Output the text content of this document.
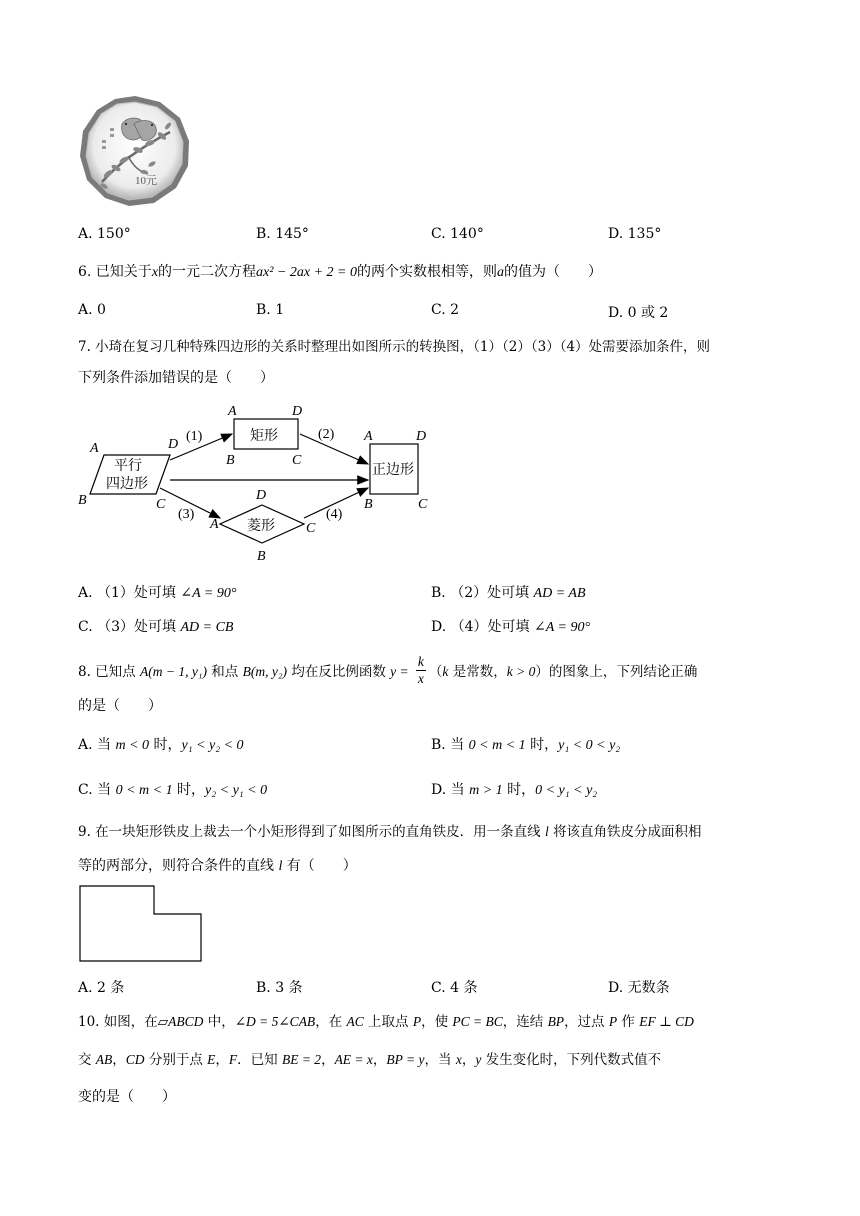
10元
A. 150°	B. 145°	C. 140°	D. 135°
6. 已知关于x的一元二次方程ax² − 2ax + 2 = 0的两个实数根相等，则a的值为（　　）
A. 0	B. 1	C. 2	D. 0 或 2
7. 小琦在复习几种特殊四边形的关系时整理出如图所示的转换图，（1）（2）（3）（4）处需要添加条件，则
下列条件添加错误的是（　　）
平行
四边形
矩形
正边形
菱形
(1)	(2)
(3)	(4)
A	D
B	C
A	D
B	C
A	D
B	C
D
A	C
B
A. （1）处可填 ∠A = 90°	B. （2）处可填 AD = AB
C. （3）处可填 AD = CB	D. （4）处可填 ∠A = 90°
8. 已知点 A(m − 1, y₁) 和点 B(m, y₂) 均在反比例函数 $y = \frac{k}{x} (k$ 是常数，k > 0）的图象上，下列结论正确
的是（　　）
A. 当 m < 0 时，y₁ < y₂ < 0	B. 当 0 < m < 1 时，y₁ < 0 < y₂
C. 当 0 < m < 1 时，y₂ < y₁ < 0	D. 当 m > 1 时，0 < y₁ < y₂
9. 在一块矩形铁皮上裁去一个小矩形得到了如图所示的直角铁皮．用一条直线 l 将该直角铁皮分成面积相
等的两部分，则符合条件的直线 l 有（　　）
A. 2 条	B. 3 条	C. 4 条	D. 无数条
10. 如图，在▱ABCD 中，∠D = 5∠CAB，在 AC 上取点 P，使 PC = BC，连结 BP，过点 P 作 EF ⊥ CD
交 AB，CD 分别于点 E，F．已知 BE = 2，AE = x，BP = y，当 x，y 发生变化时，下列代数式值不
变的是（　　）
